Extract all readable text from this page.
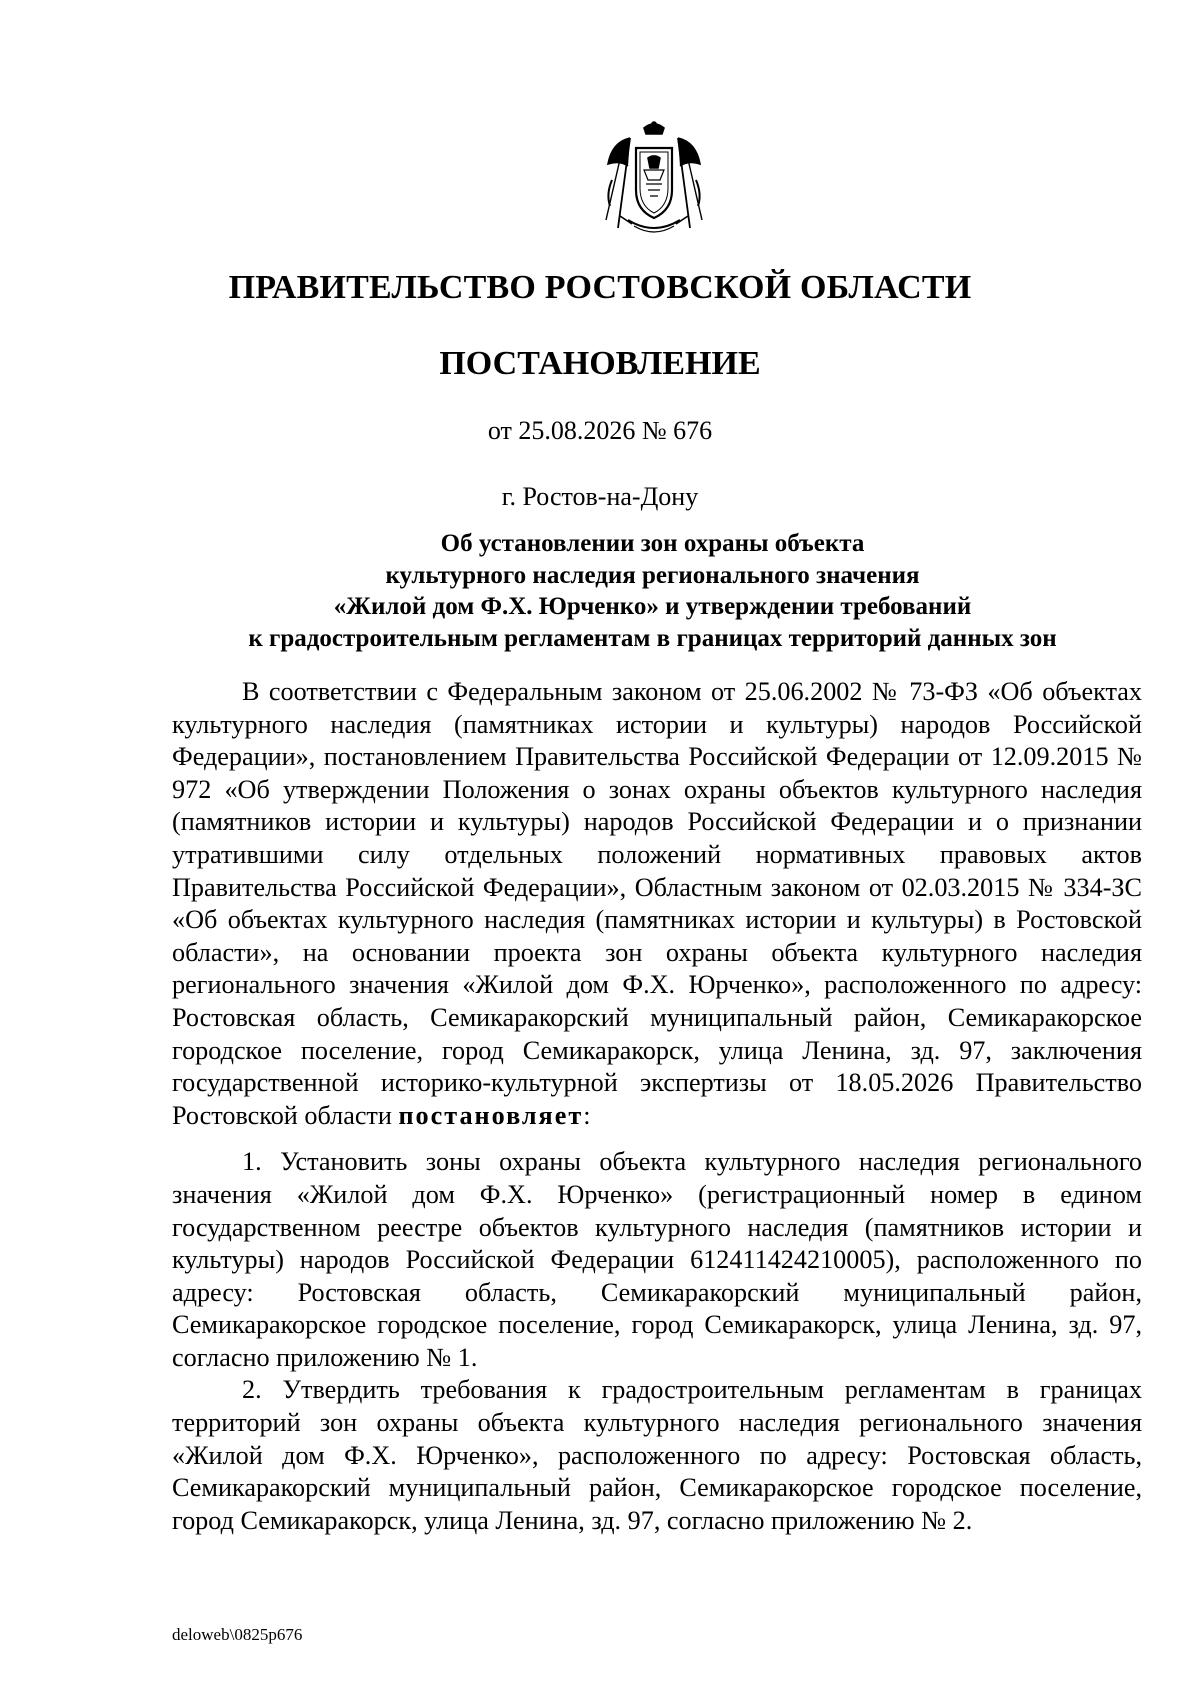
ПРАВИТЕЛЬСТВО РОСТОВСКОЙ ОБЛАСТИ
ПОСТАНОВЛЕНИЕ
от 25.08.2026 № 676
г. Ростов-на-Дону
Об установлении зон охраны объекта
культурного наследия регионального значения
«Жилой дом Ф.Х. Юрченко» и утверждении требований
к градостроительным регламентам в границах территорий данных зон

В соответствии с Федеральным законом от 25.06.2002 № 73-ФЗ «Об объектах культурного наследия (памятниках истории и культуры) народов Российской Федерации», постановлением Правительства Российской Федерации от 12.09.2015 № 972 «Об утверждении Положения о зонах охраны объектов культурного наследия (памятников истории и культуры) народов Российской Федерации и о признании утратившими силу отдельных положений нормативных правовых актов Правительства Российской Федерации», Областным законом от 02.03.2015 № 334-ЗС «Об объектах культурного наследия (памятниках истории и культуры) в Ростовской области», на основании проекта зон охраны объекта культурного наследия регионального значения «Жилой дом Ф.Х. Юрченко», расположенного по адресу: Ростовская область, Семикаракорский муниципальный район, Семикаракорское городское поселение, город Семикаракорск, улица Ленина, зд. 97, заключения государственной историко-культурной экспертизы от 18.05.2026 Правительство Ростовской области постановляет:

1. Установить зоны охраны объекта культурного наследия регионального значения «Жилой дом Ф.Х. Юрченко» (регистрационный номер в едином государственном реестре объектов культурного наследия (памятников истории и культуры) народов Российской Федерации 612411424210005), расположенного по адресу: Ростовская область, Семикаракорский муниципальный район, Семикаракорское городское поселение, город Семикаракорск, улица Ленина, зд. 97, согласно приложению № 1.

2. Утвердить требования к градостроительным регламентам в границах территорий зон охраны объекта культурного наследия регионального значения «Жилой дом Ф.Х. Юрченко», расположенного по адресу: Ростовская область, Семикаракорский муниципальный район, Семикаракорское городское поселение, город Семикаракорск, улица Ленина, зд. 97, согласно приложению № 2.

deloweb\0825p676
